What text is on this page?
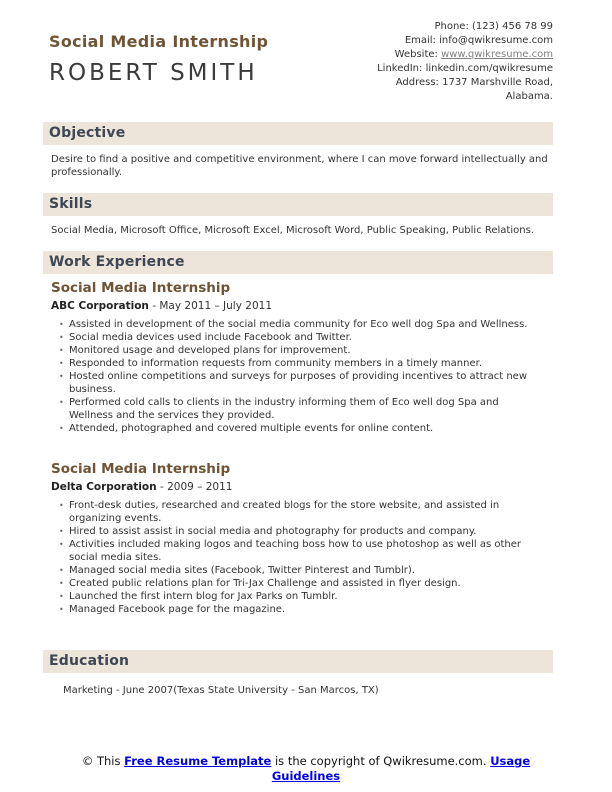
Social Media Internship
ROBERT SMITH
Phone: (123) 456 78 99
Email: info@qwikresume.com
Website: www.qwikresume.com
LinkedIn: linkedin.com/qwikresume
Address: 1737 Marshville Road, Alabama.
Objective

Desire to find a positive and competitive environment, where I can move forward intellectually and professionally.

Skills

Social Media, Microsoft Office, Microsoft Excel, Microsoft Word, Public Speaking, Public Relations.

Work Experience
Social Media Internship
ABC Corporation - May 2011 – July 2011
• Assisted in development of the social media community for Eco well dog Spa and Wellness.
• Social media devices used include Facebook and Twitter.
• Monitored usage and developed plans for improvement.
• Responded to information requests from community members in a timely manner.
• Hosted online competitions and surveys for purposes of providing incentives to attract new business.
• Performed cold calls to clients in the industry informing them of Eco well dog Spa and Wellness and the services they provided.
• Attended, photographed and covered multiple events for online content.
Social Media Internship
Delta Corporation - 2009 – 2011
• Front-desk duties, researched and created blogs for the store website, and assisted in organizing events.
• Hired to assist assist in social media and photography for products and company.
• Activities included making logos and teaching boss how to use photoshop as well as other social media sites.
• Managed social media sites (Facebook, Twitter Pinterest and Tumblr).
• Created public relations plan for Tri-Jax Challenge and assisted in flyer design.
• Launched the first intern blog for Jax Parks on Tumblr.
• Managed Facebook page for the magazine.
Education

Marketing - June 2007(Texas State University - San Marcos, TX)

© This Free Resume Template is the copyright of Qwikresume.com. Usage Guidelines
